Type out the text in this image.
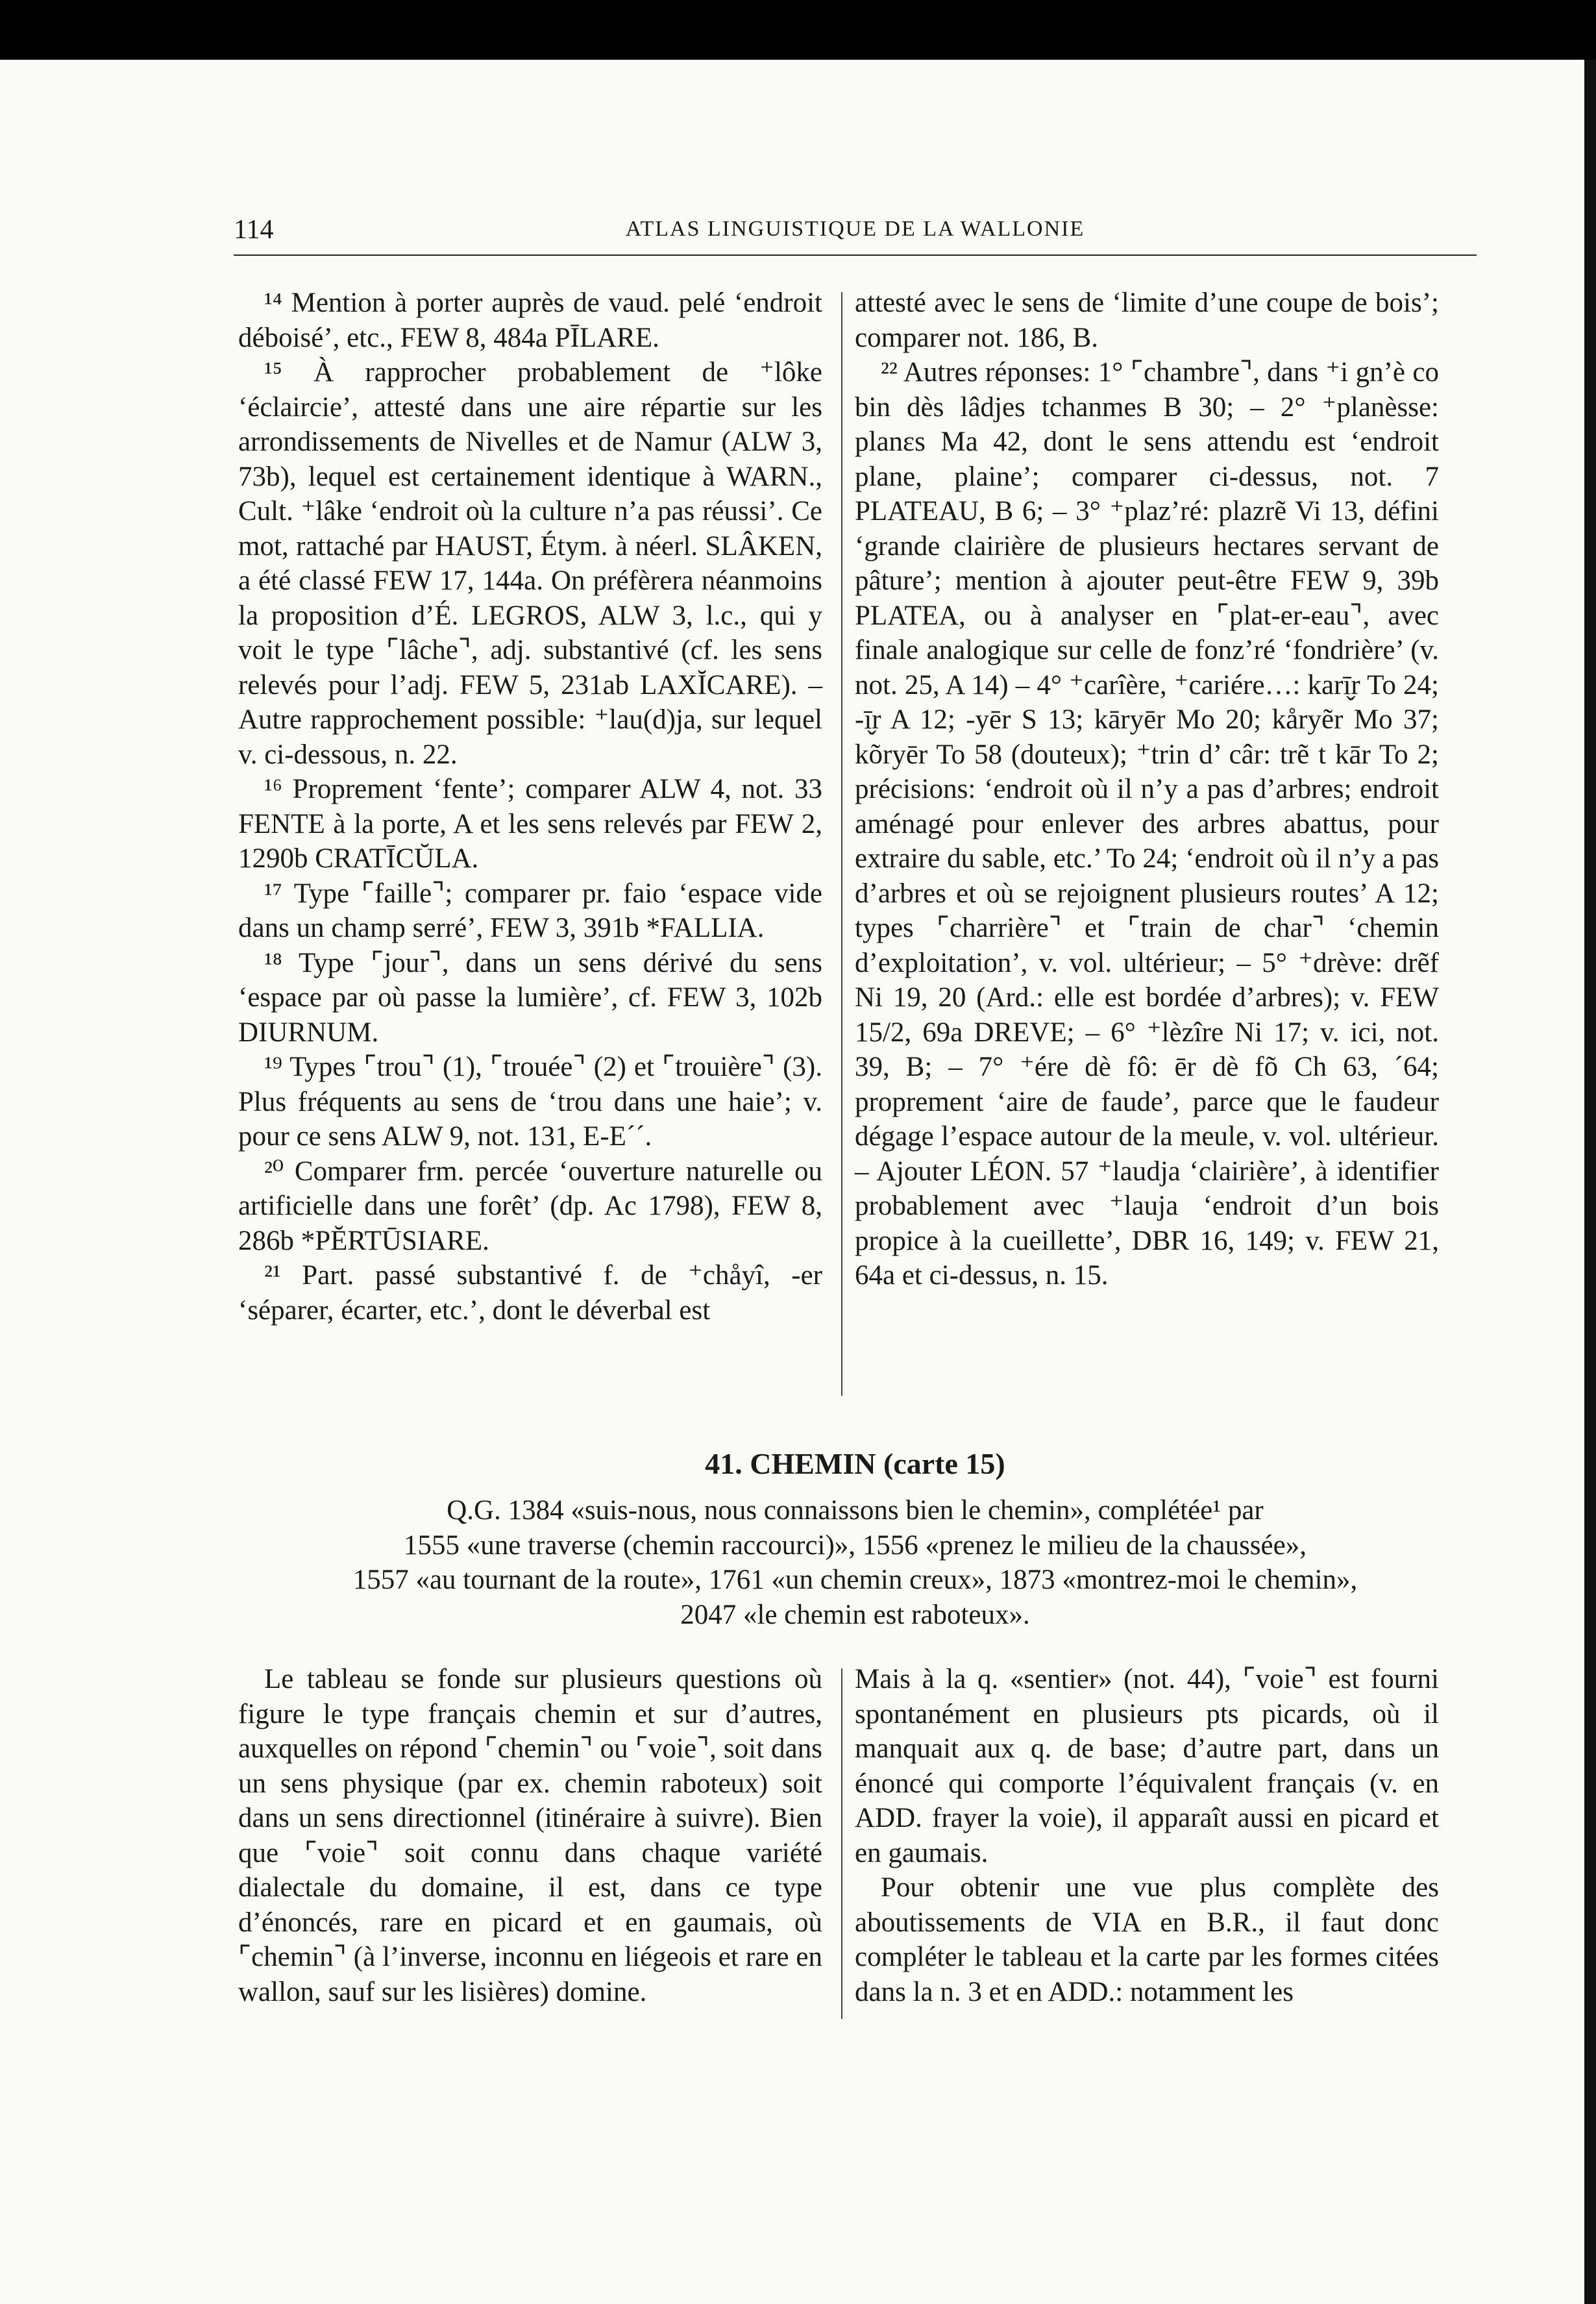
114	ATLAS LINGUISTIQUE DE LA WALLONIE

¹⁴ Mention à porter auprès de vaud. pelé ‘endroit déboisé’, etc., FEW 8, 484a PĪLARE.

¹⁵ À rapprocher probablement de ⁺lôke ‘éclaircie’, attesté dans une aire répartie sur les arrondissements de Nivelles et de Namur (ALW 3, 73b), lequel est certainement identique à WARN., Cult. ⁺lâke ‘endroit où la culture n’a pas réussi’. Ce mot, rattaché par HAUST, Étym. à néerl. SLÂKEN, a été classé FEW 17, 144a. On préfèrera néanmoins la proposition d’É. LEGROS, ALW 3, l.c., qui y voit le type ⌜lâche⌝, adj. substantivé (cf. les sens relevés pour l’adj. FEW 5, 231ab LAXĬCARE). – Autre rapprochement possible: ⁺lau(d)ja, sur lequel v. ci-dessous, n. 22.

¹⁶ Proprement ‘fente’; comparer ALW 4, not. 33 FENTE à la porte, A et les sens relevés par FEW 2, 1290b CRATĪCŬLA.

¹⁷ Type ⌜faille⌝; comparer pr. faio ‘espace vide dans un champ serré’, FEW 3, 391b *FALLIA.

¹⁸ Type ⌜jour⌝, dans un sens dérivé du sens ‘espace par où passe la lumière’, cf. FEW 3, 102b DIURNUM.

¹⁹ Types ⌜trou⌝ (1), ⌜trouée⌝ (2) et ⌜trouière⌝ (3). Plus fréquents au sens de ‘trou dans une haie’; v. pour ce sens ALW 9, not. 131, E-E´´.

²⁰ Comparer frm. percée ‘ouverture naturelle ou artificielle dans une forêt’ (dp. Ac 1798), FEW 8, 286b *PĔRTŪSIARE.

²¹ Part. passé substantivé f. de ⁺chåyî, -er ‘séparer, écarter, etc.’, dont le déverbal est

attesté avec le sens de ‘limite d’une coupe de bois’; comparer not. 186, B.

²² Autres réponses: 1° ⌜chambre⌝, dans ⁺i gn’è co bin dès lâdjes tchanmes B 30; – 2° ⁺planèsse: planɛs Ma 42, dont le sens attendu est ‘endroit plane, plaine’; comparer ci-dessus, not. 7 PLATEAU, B 6; – 3° ⁺plaz’ré: plazrẽ Vi 13, défini ‘grande clairière de plusieurs hectares servant de pâture’; mention à ajouter peut-être FEW 9, 39b PLATEA, ou à analyser en ⌜plat-er-eau⌝, avec finale analogique sur celle de fonz’ré ‘fondrière’ (v. not. 25, A 14) – 4° ⁺carîère, ⁺cariére…: karī̬r To 24; -ī̬r A 12; -yēr S 13; kāryēr Mo 20; kåryẽr Mo 37; kõryēr To 58 (douteux); ⁺trin d’ câr: trẽ t kār To 2; précisions: ‘endroit où il n’y a pas d’arbres; endroit aménagé pour enlever des arbres abattus, pour extraire du sable, etc.’ To 24; ‘endroit où il n’y a pas d’arbres et où se rejoignent plusieurs routes’ A 12; types ⌜charrière⌝ et ⌜train de char⌝ ‘chemin d’exploitation’, v. vol. ultérieur; – 5° ⁺drève: drẽf Ni 19, 20 (Ard.: elle est bordée d’arbres); v. FEW 15/2, 69a DREVE; – 6° ⁺lèzîre Ni 17; v. ici, not. 39, B; – 7° ⁺ére dè fô: ēr dè fõ Ch 63, ´64; proprement ‘aire de faude’, parce que le faudeur dégage l’espace autour de la meule, v. vol. ultérieur. – Ajouter LÉON. 57 ⁺laudja ‘clairière’, à identifier probablement avec ⁺lauja ‘endroit d’un bois propice à la cueillette’, DBR 16, 149; v. FEW 21, 64a et ci-dessus, n. 15.

41. CHEMIN (carte 15)

Q.G. 1384 «suis-nous, nous connaissons bien le chemin», complétée¹ par

1555 «une traverse (chemin raccourci)», 1556 «prenez le milieu de la chaussée»,

1557 «au tournant de la route», 1761 «un chemin creux», 1873 «montrez-moi le chemin»,

2047 «le chemin est raboteux».

Le tableau se fonde sur plusieurs questions où figure le type français chemin et sur d’autres, auxquelles on répond ⌜chemin⌝ ou ⌜voie⌝, soit dans un sens physique (par ex. chemin raboteux) soit dans un sens directionnel (itinéraire à suivre). Bien que ⌜voie⌝ soit connu dans chaque variété dialectale du domaine, il est, dans ce type d’énoncés, rare en picard et en gaumais, où ⌜chemin⌝ (à l’inverse, inconnu en liégeois et rare en wallon, sauf sur les lisières) domine.

Mais à la q. «sentier» (not. 44), ⌜voie⌝ est fourni spontanément en plusieurs pts picards, où il manquait aux q. de base; d’autre part, dans un énoncé qui comporte l’équivalent français (v. en ADD. frayer la voie), il apparaît aussi en picard et en gaumais.

Pour obtenir une vue plus complète des aboutissements de VIA en B.R., il faut donc compléter le tableau et la carte par les formes citées dans la n. 3 et en ADD.: notamment les
